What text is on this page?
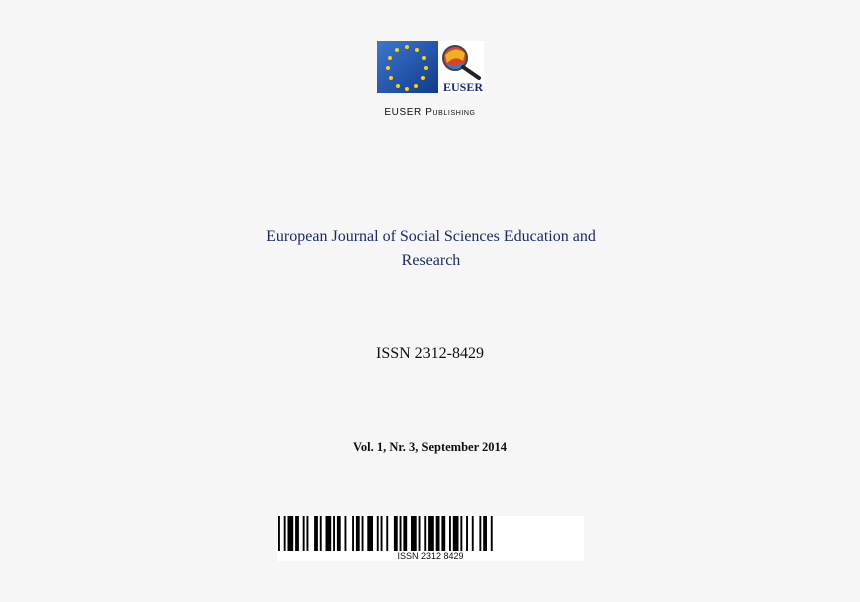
EUSER
EUSER Publishing
European Journal of Social Sciences Education and Research
ISSN 2312-8429
Vol. 1, Nr. 3, September 2014
ISSN 2312 8429
